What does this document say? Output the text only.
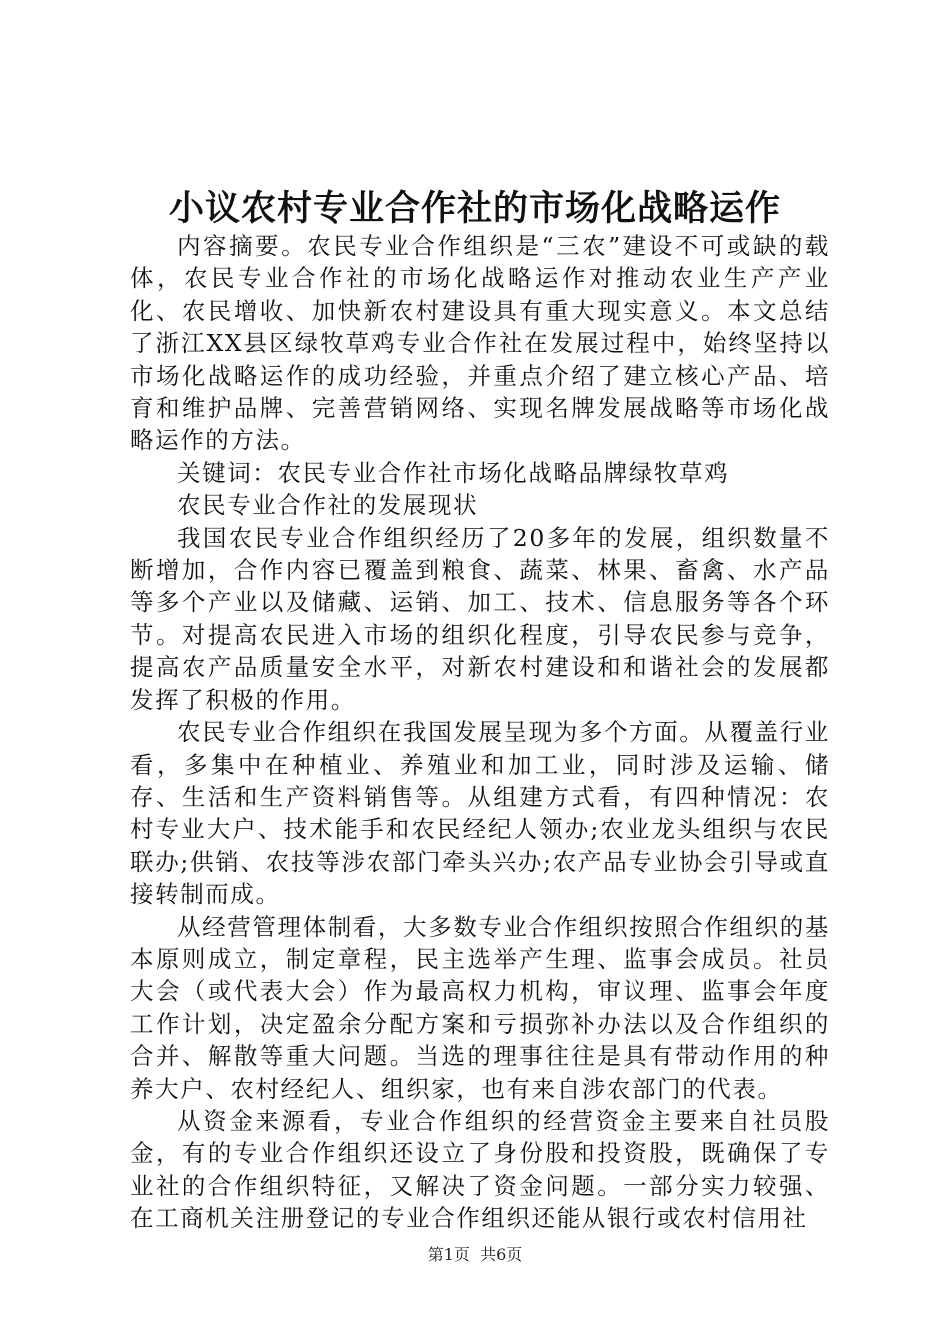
小议农村专业合作社的市场化战略运作

内容摘要。农民专业合作组织是“三农”建设不可或缺的载体，农民专业合作社的市场化战略运作对推动农业生产产业化、农民增收、加快新农村建设具有重大现实意义。本文总结了浙江XX县区绿牧草鸡专业合作社在发展过程中，始终坚持以市场化战略运作的成功经验，并重点介绍了建立核心产品、培育和维护品牌、完善营销网络、实现名牌发展战略等市场化战略运作的方法。

关键词：农民专业合作社市场化战略品牌绿牧草鸡

农民专业合作社的发展现状

我国农民专业合作组织经历了20多年的发展，组织数量不断增加，合作内容已覆盖到粮食、蔬菜、林果、畜禽、水产品等多个产业以及储藏、运销、加工、技术、信息服务等各个环节。对提高农民进入市场的组织化程度，引导农民参与竞争，提高农产品质量安全水平，对新农村建设和和谐社会的发展都发挥了积极的作用。

农民专业合作组织在我国发展呈现为多个方面。从覆盖行业看，多集中在种植业、养殖业和加工业，同时涉及运输、储存、生活和生产资料销售等。从组建方式看，有四种情况：农村专业大户、技术能手和农民经纪人领办;农业龙头组织与农民联办;供销、农技等涉农部门牵头兴办;农产品专业协会引导或直接转制而成。

从经营管理体制看，大多数专业合作组织按照合作组织的基本原则成立，制定章程，民主选举产生理、监事会成员。社员大会（或代表大会）作为最高权力机构，审议理、监事会年度工作计划，决定盈余分配方案和亏损弥补办法以及合作组织的合并、解散等重大问题。当选的理事往往是具有带动作用的种养大户、农村经纪人、组织家，也有来自涉农部门的代表。

从资金来源看，专业合作组织的经营资金主要来自社员股金，有的专业合作组织还设立了身份股和投资股，既确保了专业社的合作组织特征，又解决了资金问题。一部分实力较强、在工商机关注册登记的专业合作组织还能从银行或农村信用社

第1页  共6页
